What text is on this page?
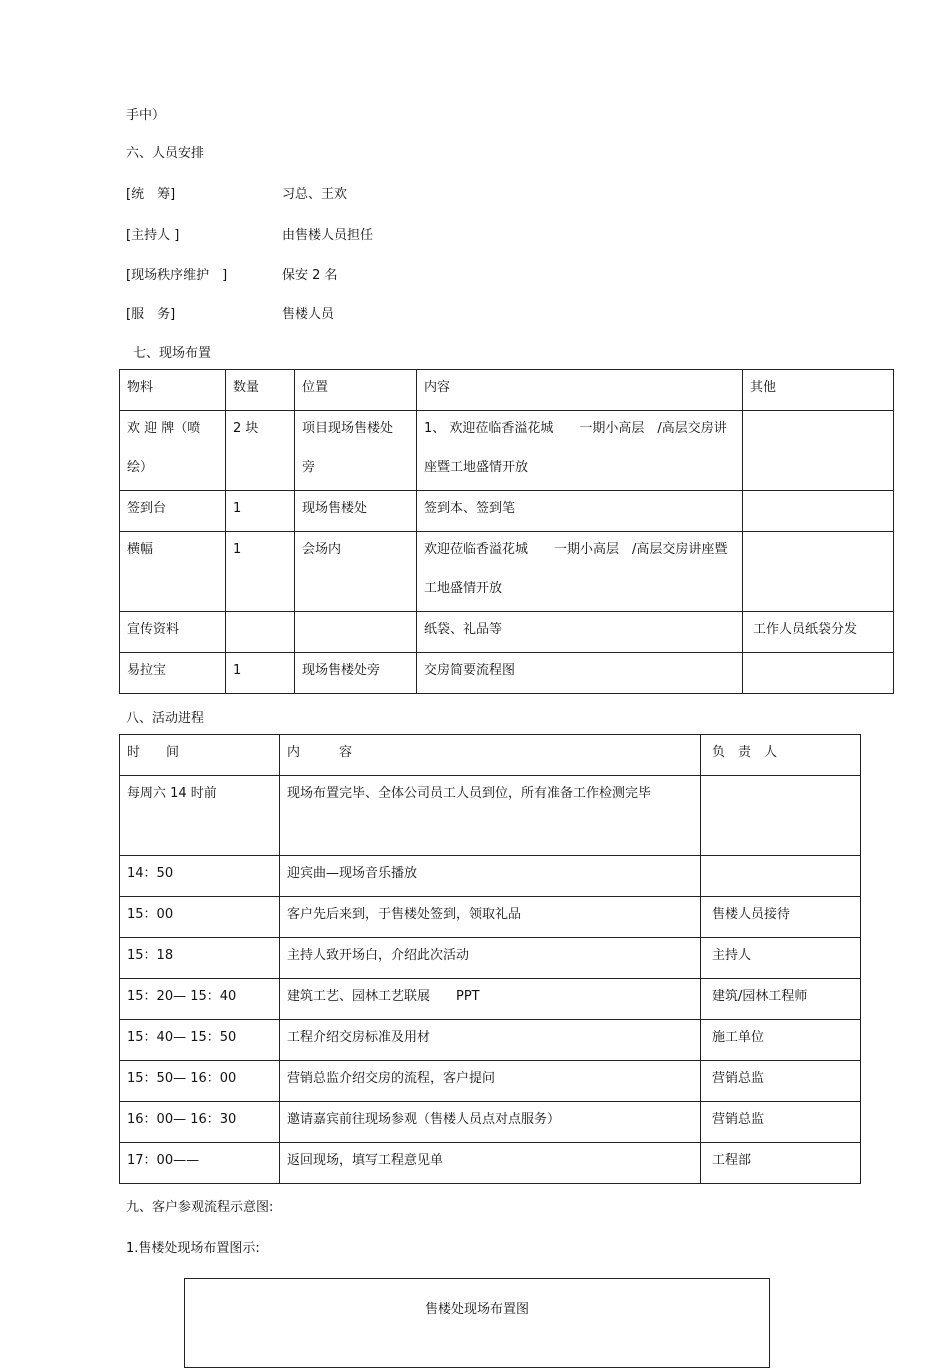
手中）
六、人员安排
[统　筹]	习总、王欢
[主持人 ]	由售楼人员担任
[现场秩序维护　]	保安 2 名
[服　务]	售楼人员
七、现场布置
物料	数量	位置	内容	其他

欢 迎 牌（喷绘）	2 块	项目现场售楼处旁	1、 欢迎莅临香溢花城　　一期小高层　/高层交房讲座暨工地盛情开放	

签到台	1	现场售楼处	签到本、签到笔	

横幅	1	会场内	欢迎莅临香溢花城　　一期小高层　/高层交房讲座暨工地盛情开放	

宣传资料			纸袋、礼品等	工作人员纸袋分发

易拉宝	1	现场售楼处旁	交房简要流程图	

八、活动进程
时　　间	内　　　容	负　责　人

每周六 14 时前	现场布置完毕、全体公司员工人员到位，所有准备工作检测完毕	

14：50	迎宾曲—现场音乐播放	

15：00	客户先后来到，于售楼处签到，领取礼品	售楼人员接待

15：18	主持人致开场白，介绍此次活动	主持人

15：20— 15：40	建筑工艺、园林工艺联展　　PPT	建筑/园林工程师

15：40— 15：50	工程介绍交房标准及用材	施工单位

15：50— 16：00	营销总监介绍交房的流程，客户提问	营销总监

16：00— 16：30	邀请嘉宾前往现场参观（售楼人员点对点服务）	营销总监

17：00——	返回现场，填写工程意见单	工程部
九、客户参观流程示意图:
1.售楼处现场布置图示:
售楼处现场布置图
